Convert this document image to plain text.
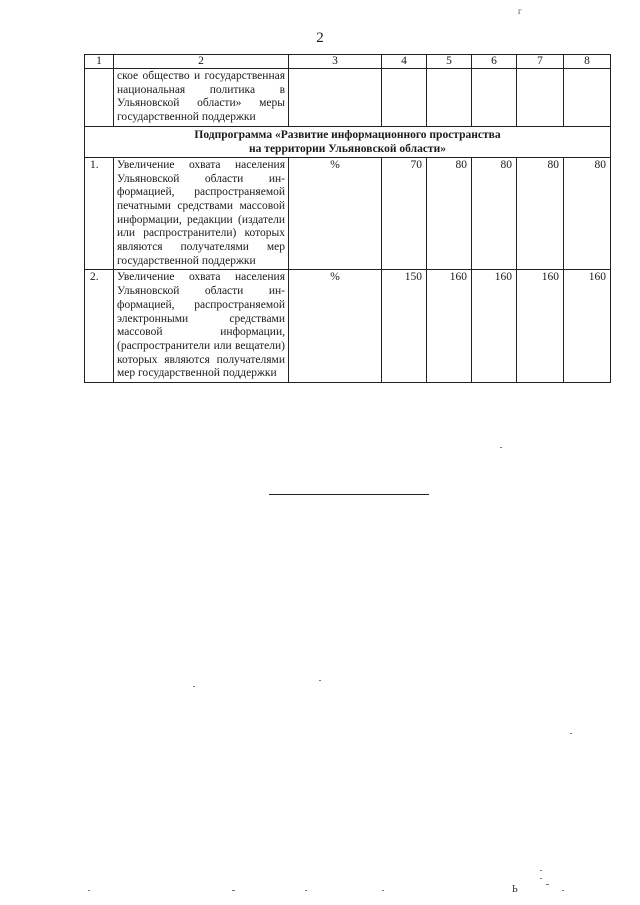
2
г
1	2	3	4	5	6	7	8
	ское общество и государственная национальная политика в Ульяновской области» меры государственной поддержки						

Подпрограмма «Развитие информационного пространства
на территории Ульяновской области»							

1.	Увеличение охвата населения Ульяновской области информацией, распространяемой печатными средствами массовой информации, редакции (издатели или распространители) которых являются получателями мер государственной поддержки	%	70	80	80	80	80
2.	Увеличение охвата населения Ульяновской области информацией, распространяемой электронными средствами массовой информации, (распространители или вещатели) которых являются получателями мер государственной поддержки	%	150	160	160	160	160
Ь
